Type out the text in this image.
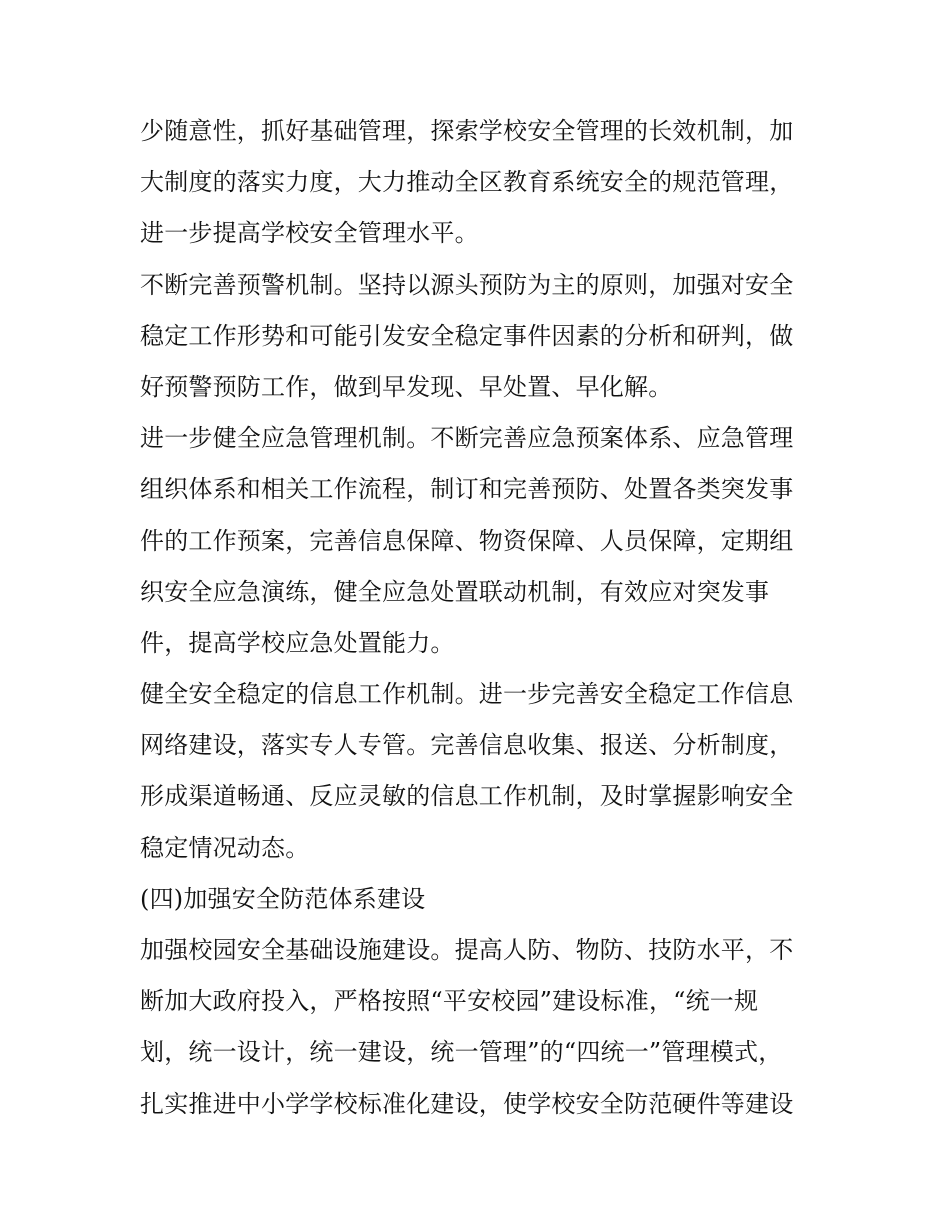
少随意性，抓好基础管理，探索学校安全管理的长效机制，加
大制度的落实力度，大力推动全区教育系统安全的规范管理，
进一步提高学校安全管理水平。
不断完善预警机制。坚持以源头预防为主的原则，加强对安全
稳定工作形势和可能引发安全稳定事件因素的分析和研判，做
好预警预防工作，做到早发现、早处置、早化解。
进一步健全应急管理机制。不断完善应急预案体系、应急管理
组织体系和相关工作流程，制订和完善预防、处置各类突发事
件的工作预案，完善信息保障、物资保障、人员保障，定期组
织安全应急演练，健全应急处置联动机制，有效应对突发事
件，提高学校应急处置能力。
健全安全稳定的信息工作机制。进一步完善安全稳定工作信息
网络建设，落实专人专管。完善信息收集、报送、分析制度，
形成渠道畅通、反应灵敏的信息工作机制，及时掌握影响安全
稳定情况动态。
(四)加强安全防范体系建设
加强校园安全基础设施建设。提高人防、物防、技防水平，不
断加大政府投入，严格按照“平安校园”建设标准，“统一规
划，统一设计，统一建设，统一管理”的“四统一”管理模式，
扎实推进中小学学校标准化建设，使学校安全防范硬件等建设
